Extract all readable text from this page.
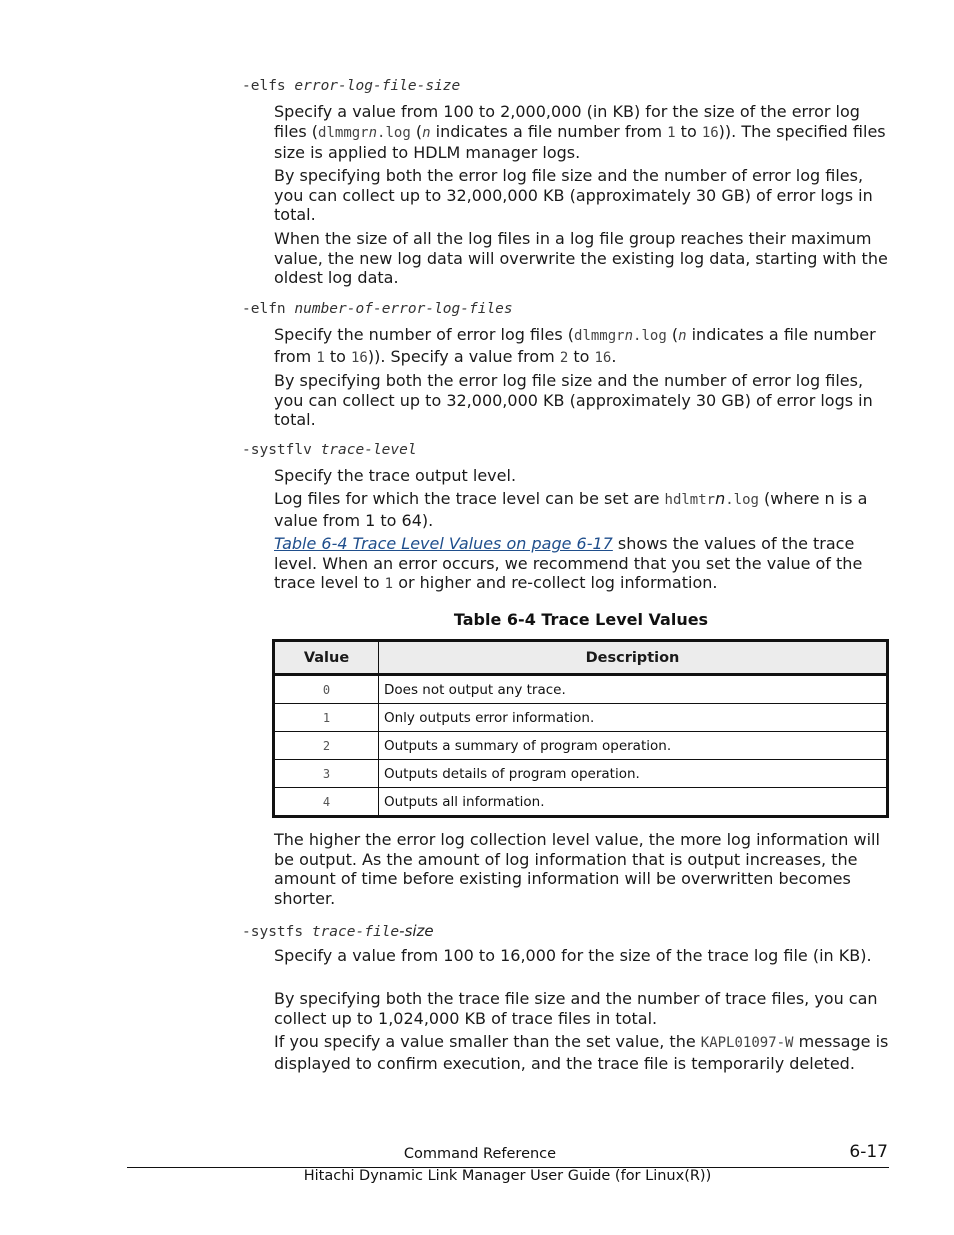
-elfs error-log-file-size
Specify a value from 100 to 2,000,000 (in KB) for the size of the error log files (dlmmgrn.log (n indicates a file number from 1 to 16)). The specified files size is applied to HDLM manager logs.
By specifying both the error log file size and the number of error log files, you can collect up to 32,000,000 KB (approximately 30 GB) of error logs in total.
When the size of all the log files in a log file group reaches their maximum value, the new log data will overwrite the existing log data, starting with the oldest log data.
-elfn number-of-error-log-files
Specify the number of error log files (dlmmgrn.log (n indicates a file number from 1 to 16)). Specify a value from 2 to 16.
By specifying both the error log file size and the number of error log files, you can collect up to 32,000,000 KB (approximately 30 GB) of error logs in total.
-systflv trace-level
Specify the trace output level.
Log files for which the trace level can be set are hdlmtrn.log (where n is a value from 1 to 64).
Table 6-4 Trace Level Values on page 6-17 shows the values of the trace level. When an error occurs, we recommend that you set the value of the trace level to 1 or higher and re-collect log information.
Table 6-4 Trace Level Values
Value	Description
0	Does not output any trace.
1	Only outputs error information.
2	Outputs a summary of program operation.
3	Outputs details of program operation.
4	Outputs all information.
The higher the error log collection level value, the more log information will be output. As the amount of log information that is output increases, the amount of time before existing information will be overwritten becomes shorter.
-systfs trace-file-size
Specify a value from 100 to 16,000 for the size of the trace log file (in KB).
By specifying both the trace file size and the number of trace files, you can collect up to 1,024,000 KB of trace files in total.
If you specify a value smaller than the set value, the KAPL01097-W message is displayed to confirm execution, and the trace file is temporarily deleted.
Command Reference	6-17
Hitachi Dynamic Link Manager User Guide (for Linux(R))
